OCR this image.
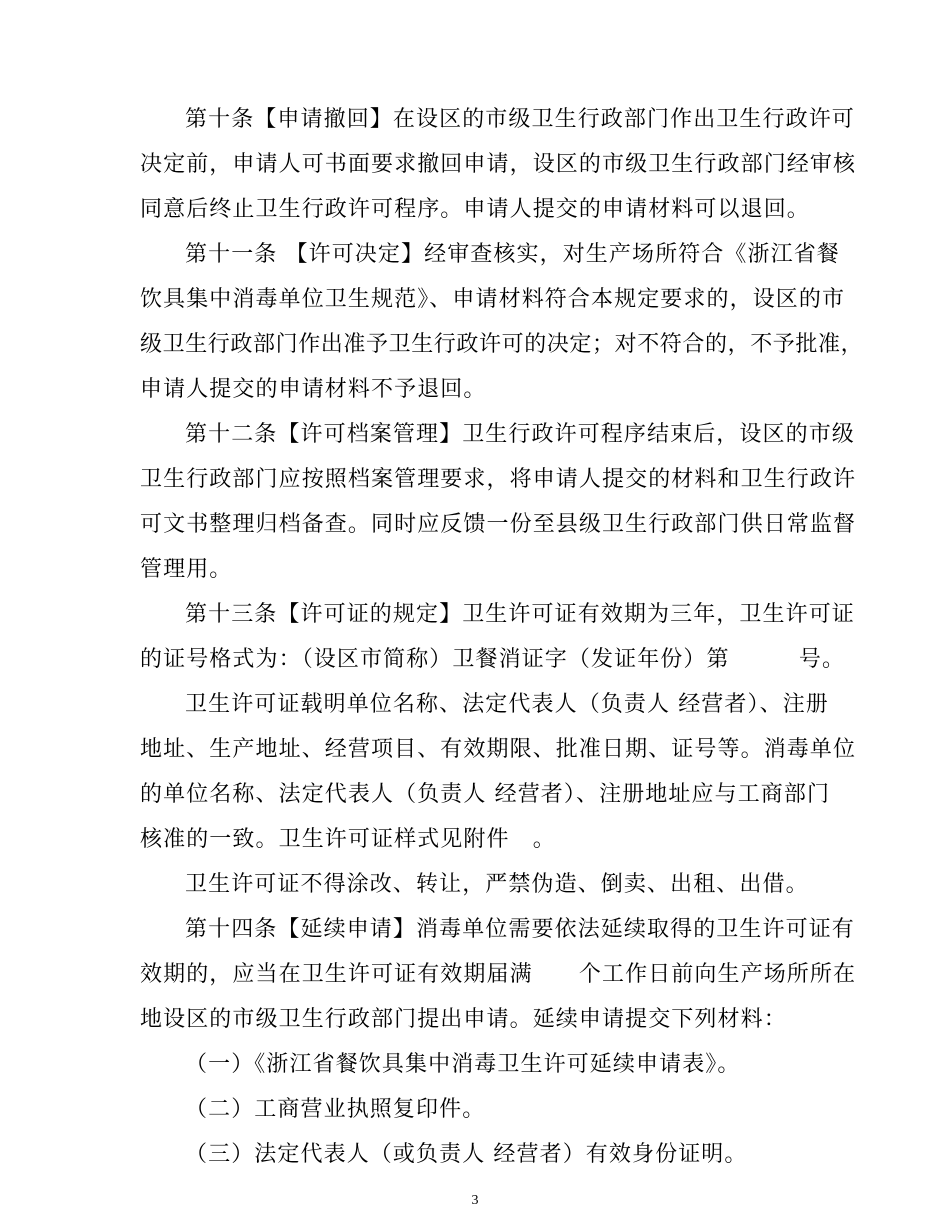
第十条【申请撤回】在设区的市级卫生行政部门作出卫生行政许可
决定前，申请人可书面要求撤回申请，设区的市级卫生行政部门经审核
同意后终止卫生行政许可程序。申请人提交的申请材料可以退回。
第十一条 【许可决定】经审查核实，对生产场所符合《浙江省餐
饮具集中消毒单位卫生规范》、申请材料符合本规定要求的，设区的市
级卫生行政部门作出准予卫生行政许可的决定；对不符合的，不予批准，
申请人提交的申请材料不予退回。
第十二条【许可档案管理】卫生行政许可程序结束后，设区的市级
卫生行政部门应按照档案管理要求，将申请人提交的材料和卫生行政许
可文书整理归档备查。同时应反馈一份至县级卫生行政部门供日常监督
管理用。
第十三条【许可证的规定】卫生许可证有效期为三年，卫生许可证
的证号格式为：（设区市简称）卫餐消证字（发证年份）第　　　号。
卫生许可证载明单位名称、法定代表人（负责人 经营者）、注册
地址、生产地址、经营项目、有效期限、批准日期、证号等。消毒单位
的单位名称、法定代表人（负责人 经营者）、注册地址应与工商部门
核准的一致。卫生许可证样式见附件　。
卫生许可证不得涂改、转让，严禁伪造、倒卖、出租、出借。
第十四条【延续申请】消毒单位需要依法延续取得的卫生许可证有
效期的，应当在卫生许可证有效期届满　　个工作日前向生产场所所在
地设区的市级卫生行政部门提出申请。延续申请提交下列材料：
（一）《浙江省餐饮具集中消毒卫生许可延续申请表》。
（二）工商营业执照复印件。
（三）法定代表人（或负责人 经营者）有效身份证明。
3
